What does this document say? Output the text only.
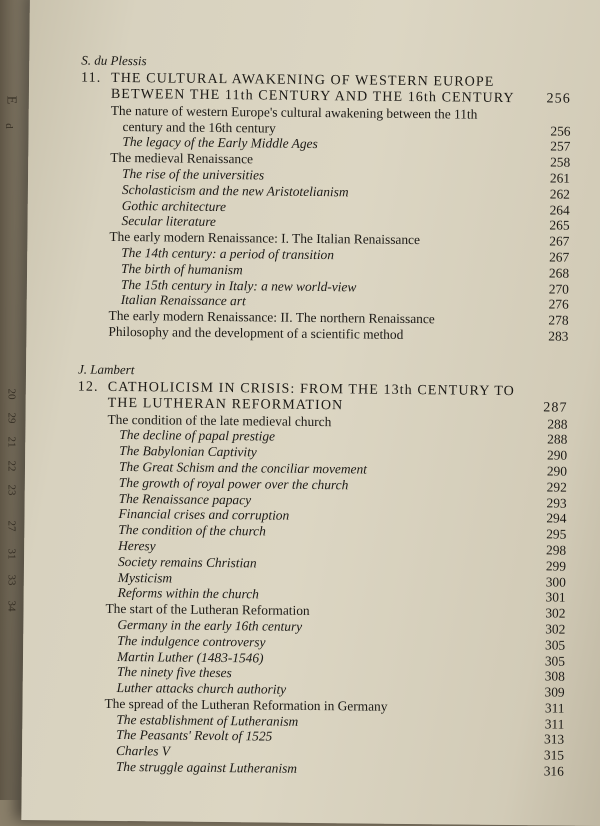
E
d
20
29
21
22
23
27
31
33
34
S. du Plessis
11. THE CULTURAL AWAKENING OF WESTERN EUROPE
BETWEEN THE 11th CENTURY AND THE 16th CENTURY	256
The nature of western Europe's cultural awakening between the 11th
century and the 16th century	256
The legacy of the Early Middle Ages	257
The medieval Renaissance	258
The rise of the universities	261
Scholasticism and the new Aristotelianism	262
Gothic architecture	264
Secular literature	265
The early modern Renaissance: I. The Italian Renaissance	267
The 14th century: a period of transition	267
The birth of humanism	268
The 15th century in Italy: a new world-view	270
Italian Renaissance art	276
The early modern Renaissance: II. The northern Renaissance	278
Philosophy and the development of a scientific method	283
J. Lambert
12. CATHOLICISM IN CRISIS: FROM THE 13th CENTURY TO
THE LUTHERAN REFORMATION	287
The condition of the late medieval church	288
The decline of papal prestige	288
The Babylonian Captivity	290
The Great Schism and the conciliar movement	290
The growth of royal power over the church	292
The Renaissance papacy	293
Financial crises and corruption	294
The condition of the church	295
Heresy	298
Society remains Christian	299
Mysticism	300
Reforms within the church	301
The start of the Lutheran Reformation	302
Germany in the early 16th century	302
The indulgence controversy	305
Martin Luther (1483-1546)	305
The ninety five theses	308
Luther attacks church authority	309
The spread of the Lutheran Reformation in Germany	311
The establishment of Lutheranism	311
The Peasants' Revolt of 1525	313
Charles V	315
The struggle against Lutheranism	316
